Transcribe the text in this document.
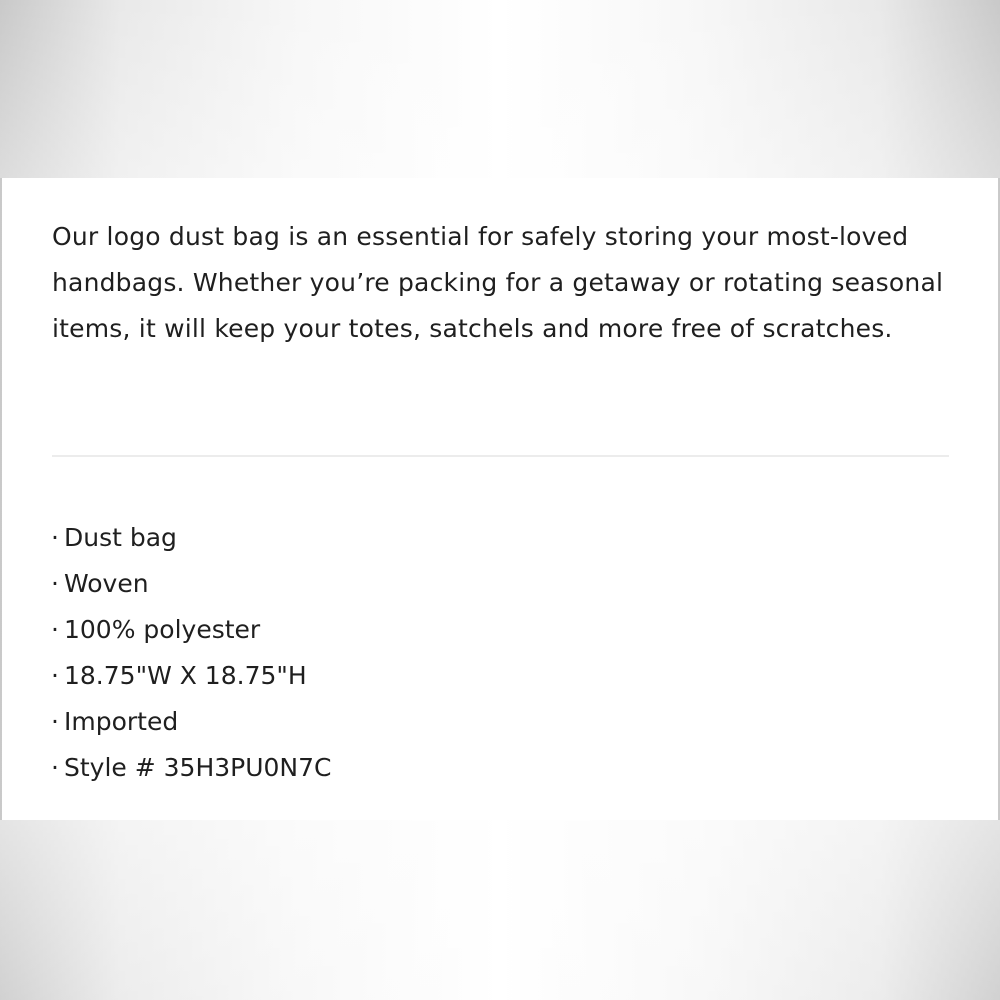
Our logo dust bag is an essential for safely storing your most-loved handbags. Whether you’re packing for a getaway or rotating seasonal items, it will keep your totes, satchels and more free of scratches.

· Dust bag
· Woven
· 100% polyester
· 18.75"W X 18.75"H
· Imported
· Style # 35H3PU0N7C
